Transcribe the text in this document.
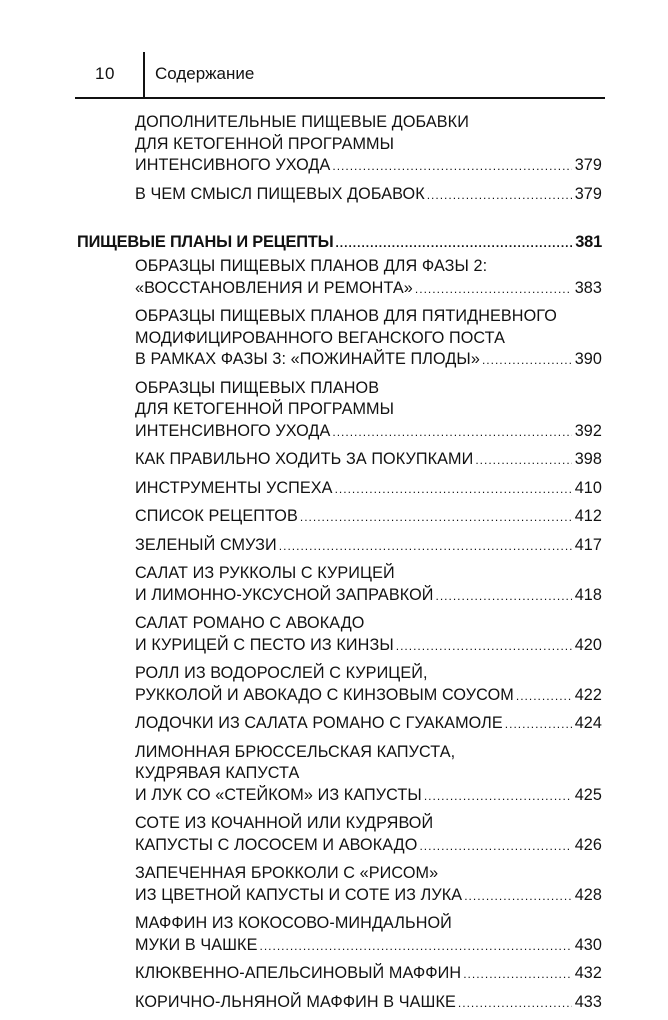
10 Содержание
ДОПОЛНИТЕЛЬНЫЕ ПИЩЕВЫЕ ДОБАВКИ
ДЛЯ КЕТОГЕННОЙ ПРОГРАММЫ
ИНТЕНСИВНОГО УХОДА .....	379
В ЧЕМ СМЫСЛ ПИЩЕВЫХ ДОБАВОК .....	379
ПИЩЕВЫЕ ПЛАНЫ И РЕЦЕПТЫ .....	381
ОБРАЗЦЫ ПИЩЕВЫХ ПЛАНОВ ДЛЯ ФАЗЫ 2:
«ВОССТАНОВЛЕНИЯ И РЕМОНТА» .....	383
ОБРАЗЦЫ ПИЩЕВЫХ ПЛАНОВ ДЛЯ ПЯТИДНЕВНОГО
МОДИФИЦИРОВАННОГО ВЕГАНСКОГО ПОСТА
В РАМКАХ ФАЗЫ 3: «ПОЖИНАЙТЕ ПЛОДЫ» .....	390
ОБРАЗЦЫ ПИЩЕВЫХ ПЛАНОВ
ДЛЯ КЕТОГЕННОЙ ПРОГРАММЫ
ИНТЕНСИВНОГО УХОДА .....	392
КАК ПРАВИЛЬНО ХОДИТЬ ЗА ПОКУПКАМИ .....	398
ИНСТРУМЕНТЫ УСПЕХА .....	410
СПИСОК РЕЦЕПТОВ .....	412
ЗЕЛЕНЫЙ СМУЗИ .....	417
САЛАТ ИЗ РУККОЛЫ С КУРИЦЕЙ
И ЛИМОННО-УКСУСНОЙ ЗАПРАВКОЙ .....	418
САЛАТ РОМАНО С АВОКАДО
И КУРИЦЕЙ С ПЕСТО ИЗ КИНЗЫ .....	420
РОЛЛ ИЗ ВОДОРОСЛЕЙ С КУРИЦЕЙ,
РУККОЛОЙ И АВОКАДО С КИНЗОВЫМ СОУСОМ .....	422
ЛОДОЧКИ ИЗ САЛАТА РОМАНО С ГУАКАМОЛЕ .....	424
ЛИМОННАЯ БРЮССЕЛЬСКАЯ КАПУСТА,
КУДРЯВАЯ КАПУСТА
И ЛУК СО «СТЕЙКОМ» ИЗ КАПУСТЫ .....	425
СОТЕ ИЗ КОЧАННОЙ ИЛИ КУДРЯВОЙ
КАПУСТЫ С ЛОСОСЕМ И АВОКАДО .....	426
ЗАПЕЧЕННАЯ БРОККОЛИ С «РИСОМ»
ИЗ ЦВЕТНОЙ КАПУСТЫ И СОТЕ ИЗ ЛУКА .....	428
МАФФИН ИЗ КОКОСОВО-МИНДАЛЬНОЙ
МУКИ В ЧАШКЕ .....	430
КЛЮКВЕННО-АПЕЛЬСИНОВЫЙ МАФФИН .....	432
КОРИЧНО-ЛЬНЯНОЙ МАФФИН В ЧАШКЕ .....	433
